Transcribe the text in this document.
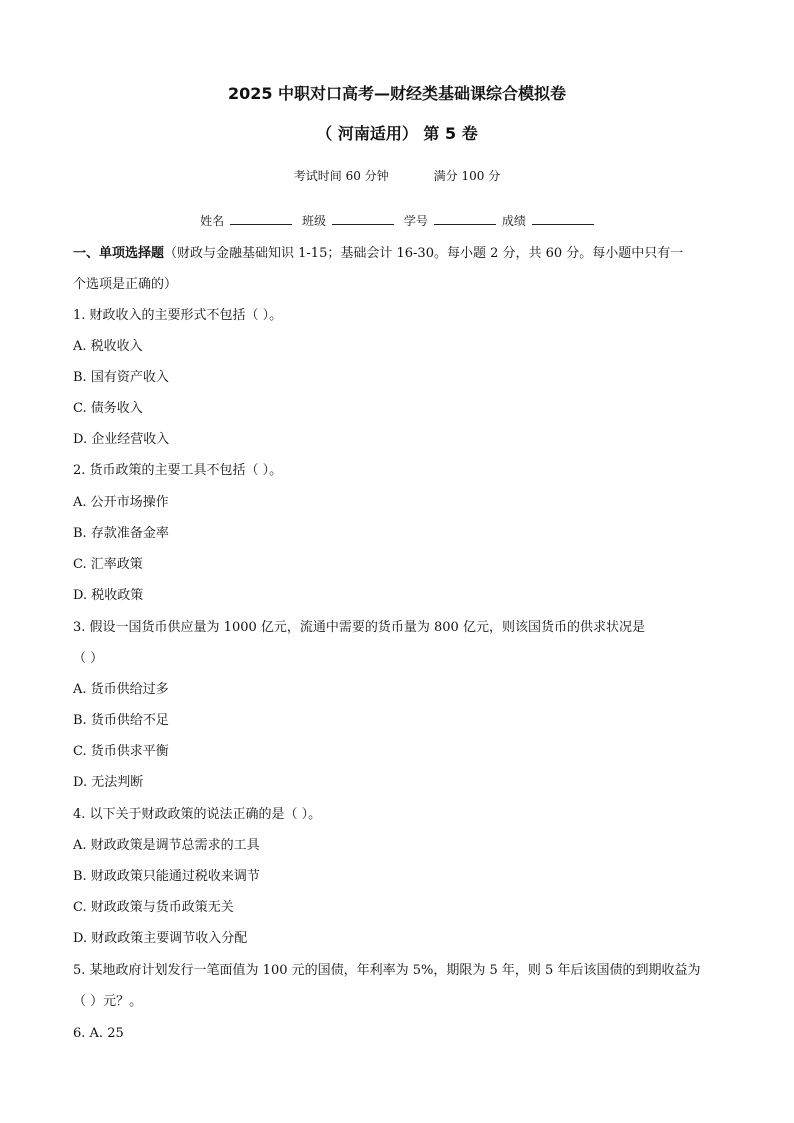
2025 中职对口高考—财经类基础课综合模拟卷
（ 河南适用） 第 5 卷
考试时间 60 分钟	满分 100 分
姓名	班级	学号	成绩
一、单项选择题（财政与金融基础知识 1-15；基础会计 16-30。每小题 2 分，共 60 分。每小题中只有一
个选项是正确的）
1. 财政收入的主要形式不包括（ ）。
A. 税收收入
B. 国有资产收入
C. 债务收入
D. 企业经营收入
2. 货币政策的主要工具不包括（ ）。
A. 公开市场操作
B. 存款准备金率
C. 汇率政策
D. 税收政策
3. 假设一国货币供应量为 1000 亿元，流通中需要的货币量为 800 亿元，则该国货币的供求状况是
（ ）
A. 货币供给过多
B. 货币供给不足
C. 货币供求平衡
D. 无法判断
4. 以下关于财政政策的说法正确的是（ ）。
A. 财政政策是调节总需求的工具
B. 财政政策只能通过税收来调节
C. 财政政策与货币政策无关
D. 财政政策主要调节收入分配
5. 某地政府计划发行一笔面值为 100 元的国债，年利率为 5%，期限为 5 年，则 5 年后该国债的到期收益为
（ ）元？。
6. A. 25
